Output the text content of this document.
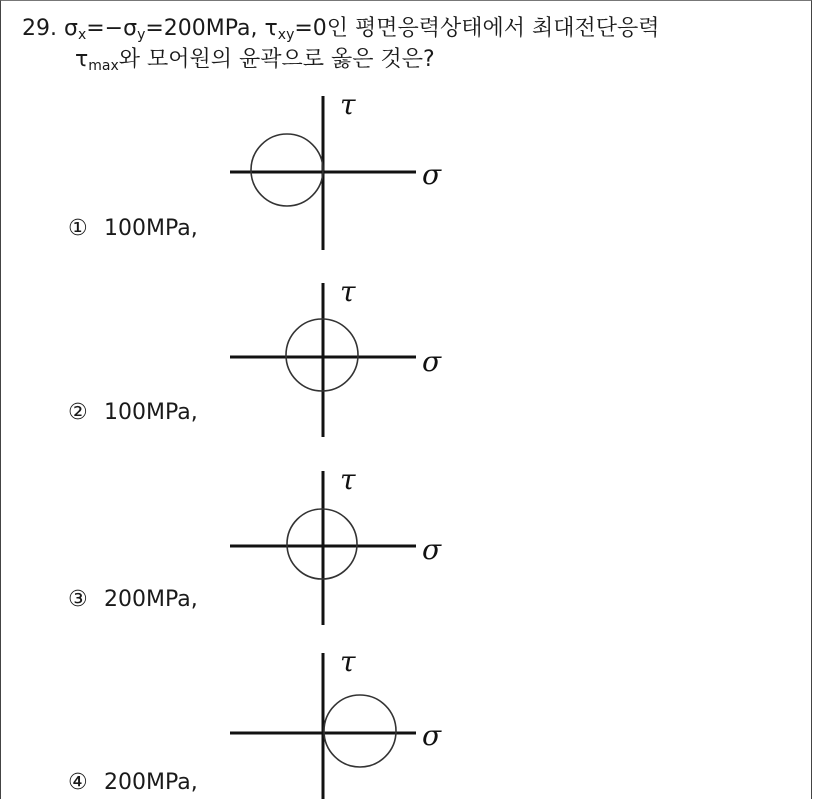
29. $\sigma_x=-\sigma_y=200MPa$, $\tau_{xy}=0$인 평면응력상태에서 최대전단응력
$\tau_{max}$와 모어원의 윤곽으로 옳은 것은?
① 100MPa,
τ
σ
② 100MPa,
τ
σ
③ 200MPa,
τ
σ
④ 200MPa,
τ
σ
